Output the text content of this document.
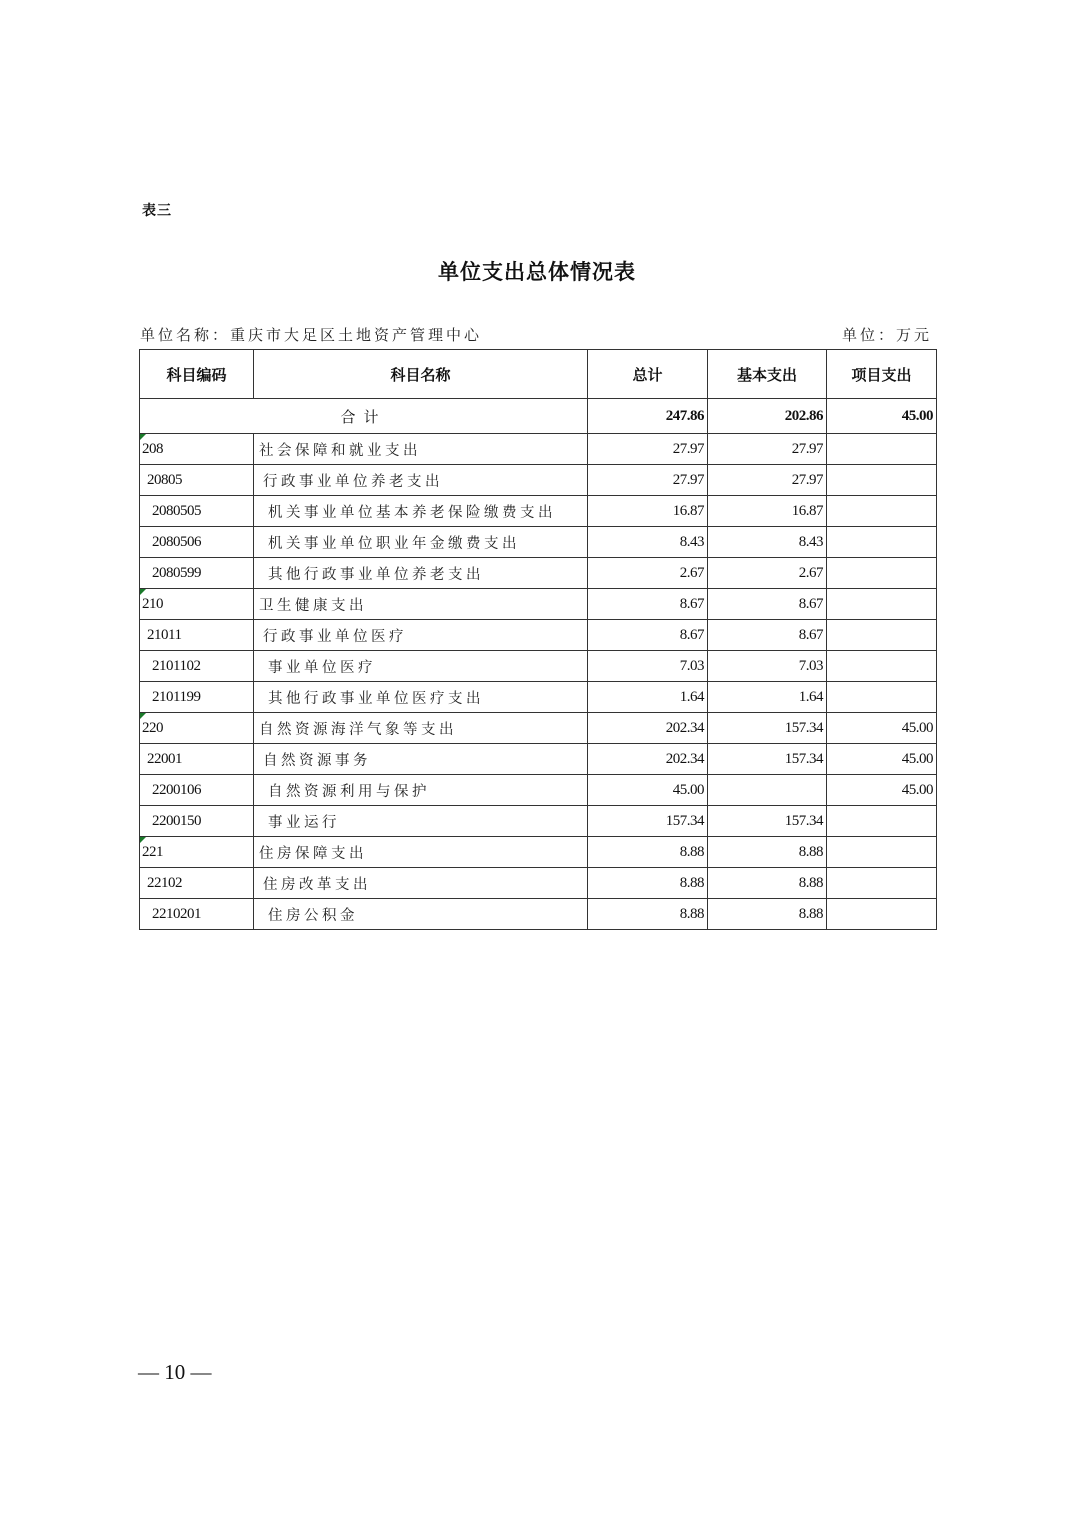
表三
单位支出总体情况表
单位名称：重庆市大足区土地资产管理中心	单位：万元
科目编码	科目名称	总计	基本支出	项目支出
合计		247.86	202.86	45.00

208	社会保障和就业支出	27.97	27.97	
20805	行政事业单位养老支出	27.97	27.97	
2080505	机关事业单位基本养老保险缴费支出	16.87	16.87	
2080506	机关事业单位职业年金缴费支出	8.43	8.43	
2080599	其他行政事业单位养老支出	2.67	2.67	

210	卫生健康支出	8.67	8.67	
21011	行政事业单位医疗	8.67	8.67	
2101102	事业单位医疗	7.03	7.03	
2101199	其他行政事业单位医疗支出	1.64	1.64	

220	自然资源海洋气象等支出	202.34	157.34	45.00
22001	自然资源事务	202.34	157.34	45.00
2200106	自然资源利用与保护	45.00		45.00
2200150	事业运行	157.34	157.34	

221	住房保障支出	8.88	8.88	
22102	住房改革支出	8.88	8.88	
2210201	住房公积金	8.88	8.88	
— 10 —
